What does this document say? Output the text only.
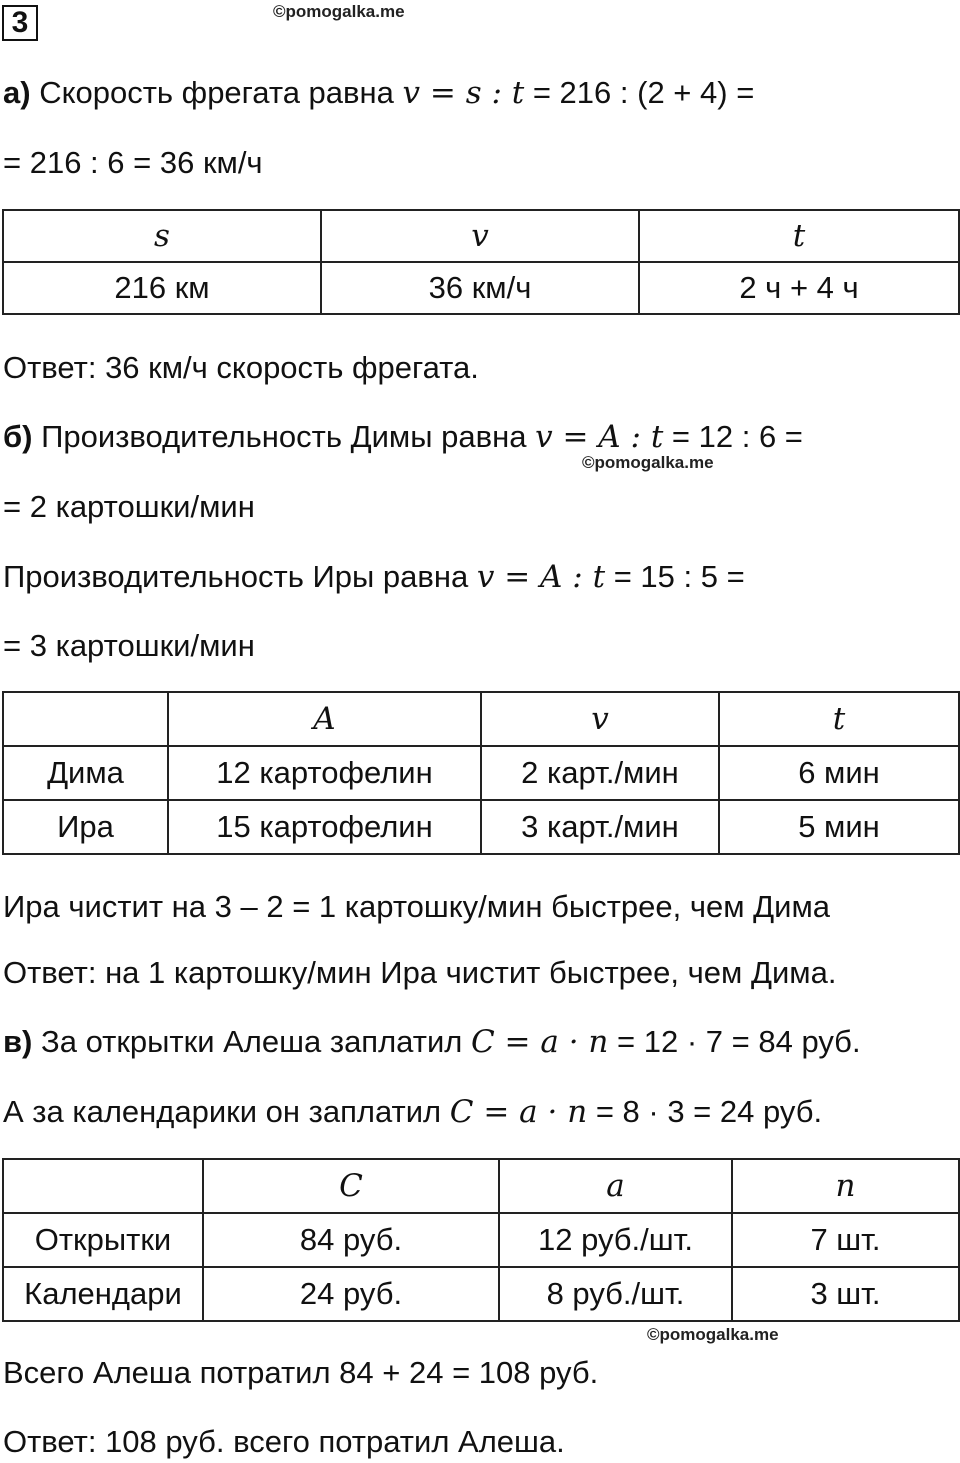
3	©pomogalka.me
а) Скорость фрегата равна v = s : t = 216 : (2 + 4) =
= 216 : 6 = 36 км/ч
s	v	t
216 км	36 км/ч	2 ч + 4 ч
Ответ: 36 км/ч скорость фрегата.
б) Производительность Димы равна v = A : t = 12 : 6 =
©pomogalka.me
= 2 картошки/мин
Производительность Иры равна v = A : t = 15 : 5 =
= 3 картошки/мин
	A	v	t
Дима	12 картофелин	2 карт./мин	6 мин
Ира	15 картофелин	3 карт./мин	5 мин
Ира чистит на 3 – 2 = 1 картошку/мин быстрее, чем Дима
Ответ: на 1 картошку/мин Ира чистит быстрее, чем Дима.
в) За открытки Алеша заплатил C = a · n = 12 · 7 = 84 руб.
А за календарики он заплатил C = a · n = 8 · 3 = 24 руб.
	C	a	n
Открытки	84 руб.	12 руб./шт.	7 шт.
Календари	24 руб.	8 руб./шт.	3 шт.
©pomogalka.me
Всего Алеша потратил 84 + 24 = 108 руб.
Ответ: 108 руб. всего потратил Алеша.
